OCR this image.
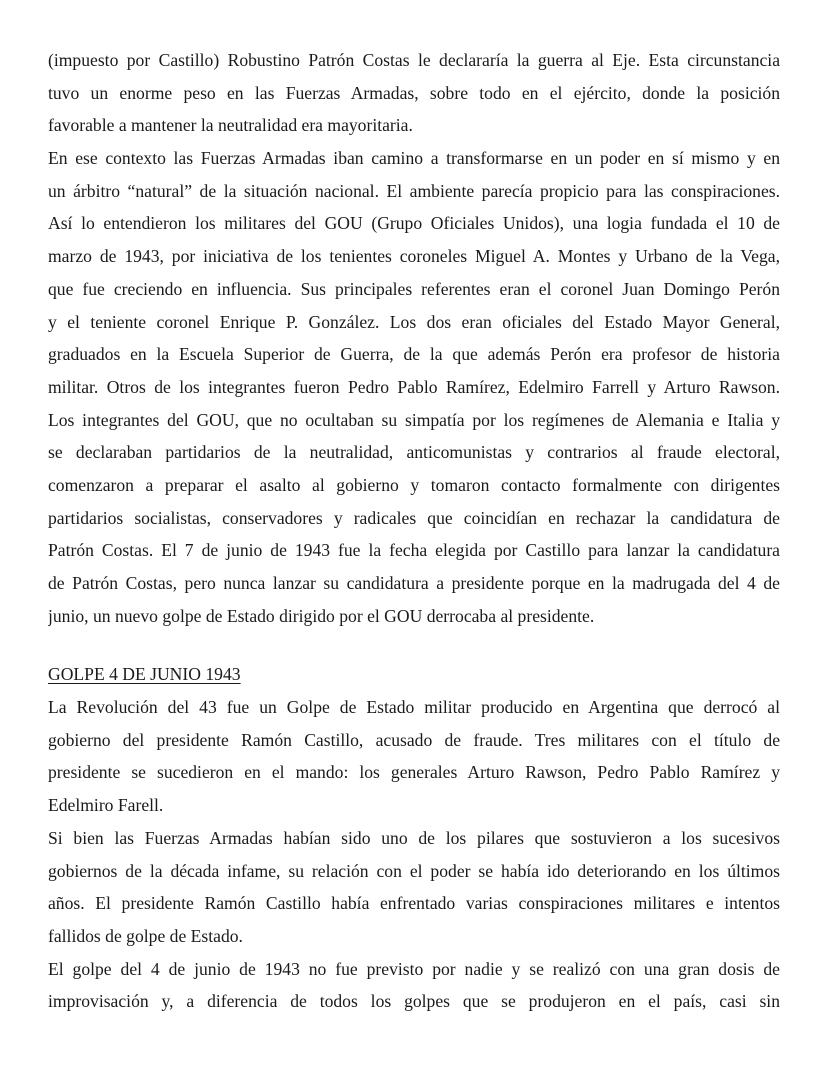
(impuesto por Castillo) Robustino Patrón Costas le declararía la guerra al Eje. Esta circunstancia
tuvo un enorme peso en las Fuerzas Armadas, sobre todo en el ejército, donde la posición
favorable a mantener la neutralidad era mayoritaria.
En ese contexto las Fuerzas Armadas iban camino a transformarse en un poder en sí mismo y en
un árbitro “natural” de la situación nacional. El ambiente parecía propicio para las conspiraciones.
Así lo entendieron los militares del GOU (Grupo Oficiales Unidos), una logia fundada el 10 de
marzo de 1943, por iniciativa de los tenientes coroneles Miguel A. Montes y Urbano de la Vega,
que fue creciendo en influencia. Sus principales referentes eran el coronel Juan Domingo Perón
y el teniente coronel Enrique P. González. Los dos eran oficiales del Estado Mayor General,
graduados en la Escuela Superior de Guerra, de la que además Perón era profesor de historia
militar. Otros de los integrantes fueron Pedro Pablo Ramírez, Edelmiro Farrell y Arturo Rawson.
Los integrantes del GOU, que no ocultaban su simpatía por los regímenes de Alemania e Italia y
se declaraban partidarios de la neutralidad, anticomunistas y contrarios al fraude electoral,
comenzaron a preparar el asalto al gobierno y tomaron contacto formalmente con dirigentes
partidarios socialistas, conservadores y radicales que coincidían en rechazar la candidatura de
Patrón Costas. El 7 de junio de 1943 fue la fecha elegida por Castillo para lanzar la candidatura
de Patrón Costas, pero nunca lanzar su candidatura a presidente porque en la madrugada del 4 de
junio, un nuevo golpe de Estado dirigido por el GOU derrocaba al presidente.
GOLPE 4 DE JUNIO 1943
La Revolución del 43 fue un Golpe de Estado militar producido en Argentina que derrocó al
gobierno del presidente Ramón Castillo, acusado de fraude. Tres militares con el título de
presidente se sucedieron en el mando: los generales Arturo Rawson, Pedro Pablo Ramírez y
Edelmiro Farell.
Si bien las Fuerzas Armadas habían sido uno de los pilares que sostuvieron a los sucesivos
gobiernos de la década infame, su relación con el poder se había ido deteriorando en los últimos
años. El presidente Ramón Castillo había enfrentado varias conspiraciones militares e intentos
fallidos de golpe de Estado.
El golpe del 4 de junio de 1943 no fue previsto por nadie y se realizó con una gran dosis de
improvisación y, a diferencia de todos los golpes que se produjeron en el país, casi sin
